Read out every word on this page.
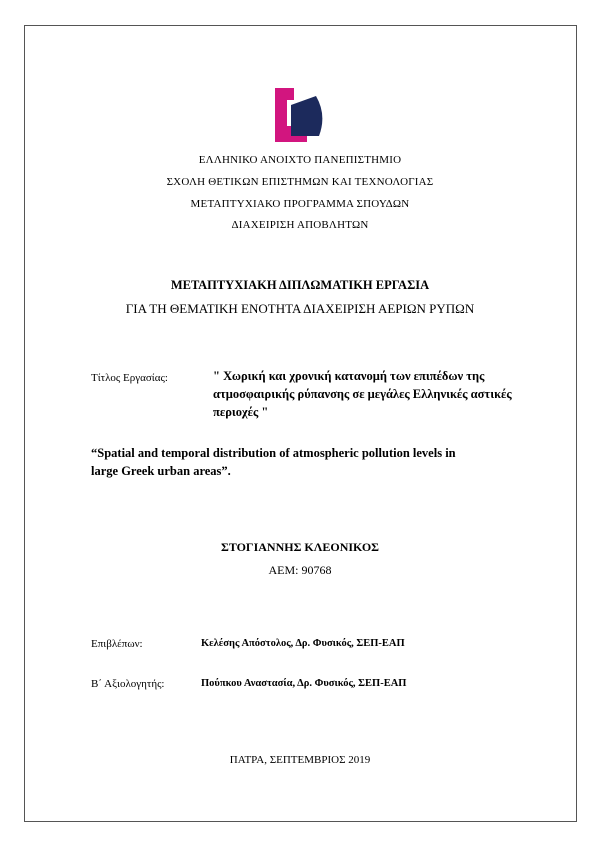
ΕΛΛΗΝΙΚΟ ΑΝΟΙΧΤΟ ΠΑΝΕΠΙΣΤΗΜΙΟ
ΣΧΟΛΗ ΘΕΤΙΚΩΝ ΕΠΙΣΤΗΜΩΝ ΚΑΙ ΤΕΧΝΟΛΟΓΙΑΣ
ΜΕΤΑΠΤΥΧΙΑΚΟ ΠΡΟΓΡΑΜΜΑ ΣΠΟΥΔΩΝ
ΔΙΑΧΕΙΡΙΣΗ ΑΠΟΒΛΗΤΩΝ
ΜΕΤΑΠΤΥΧΙΑΚΗ ΔΙΠΛΩΜΑΤΙΚΗ ΕΡΓΑΣΙΑ
ΓΙΑ ΤΗ ΘΕΜΑΤΙΚΗ ΕΝΟΤΗΤΑ ΔΙΑΧΕΙΡΙΣΗ ΑΕΡΙΩΝ ΡΥΠΩΝ
Τίτλος Εργασίας:	" Χωρική και χρονική κατανομή των επιπέδων της
ατμοσφαιρικής ρύπανσης σε μεγάλες Ελληνικές αστικές
περιοχές "
“Spatial and temporal distribution of atmospheric pollution levels in
large Greek urban areas”.
ΣΤΟΓΙΑΝΝΗΣ ΚΛΕΟΝΙΚΟΣ
ΑΕΜ: 90768
Επιβλέπων:	Κελέσης Απόστολος, Δρ. Φυσικός, ΣΕΠ-ΕΑΠ
Β΄ Αξιολογητής:	Πούπκου Αναστασία, Δρ. Φυσικός, ΣΕΠ-ΕΑΠ
ΠΑΤΡΑ, ΣΕΠΤΕΜΒΡΙΟΣ 2019
